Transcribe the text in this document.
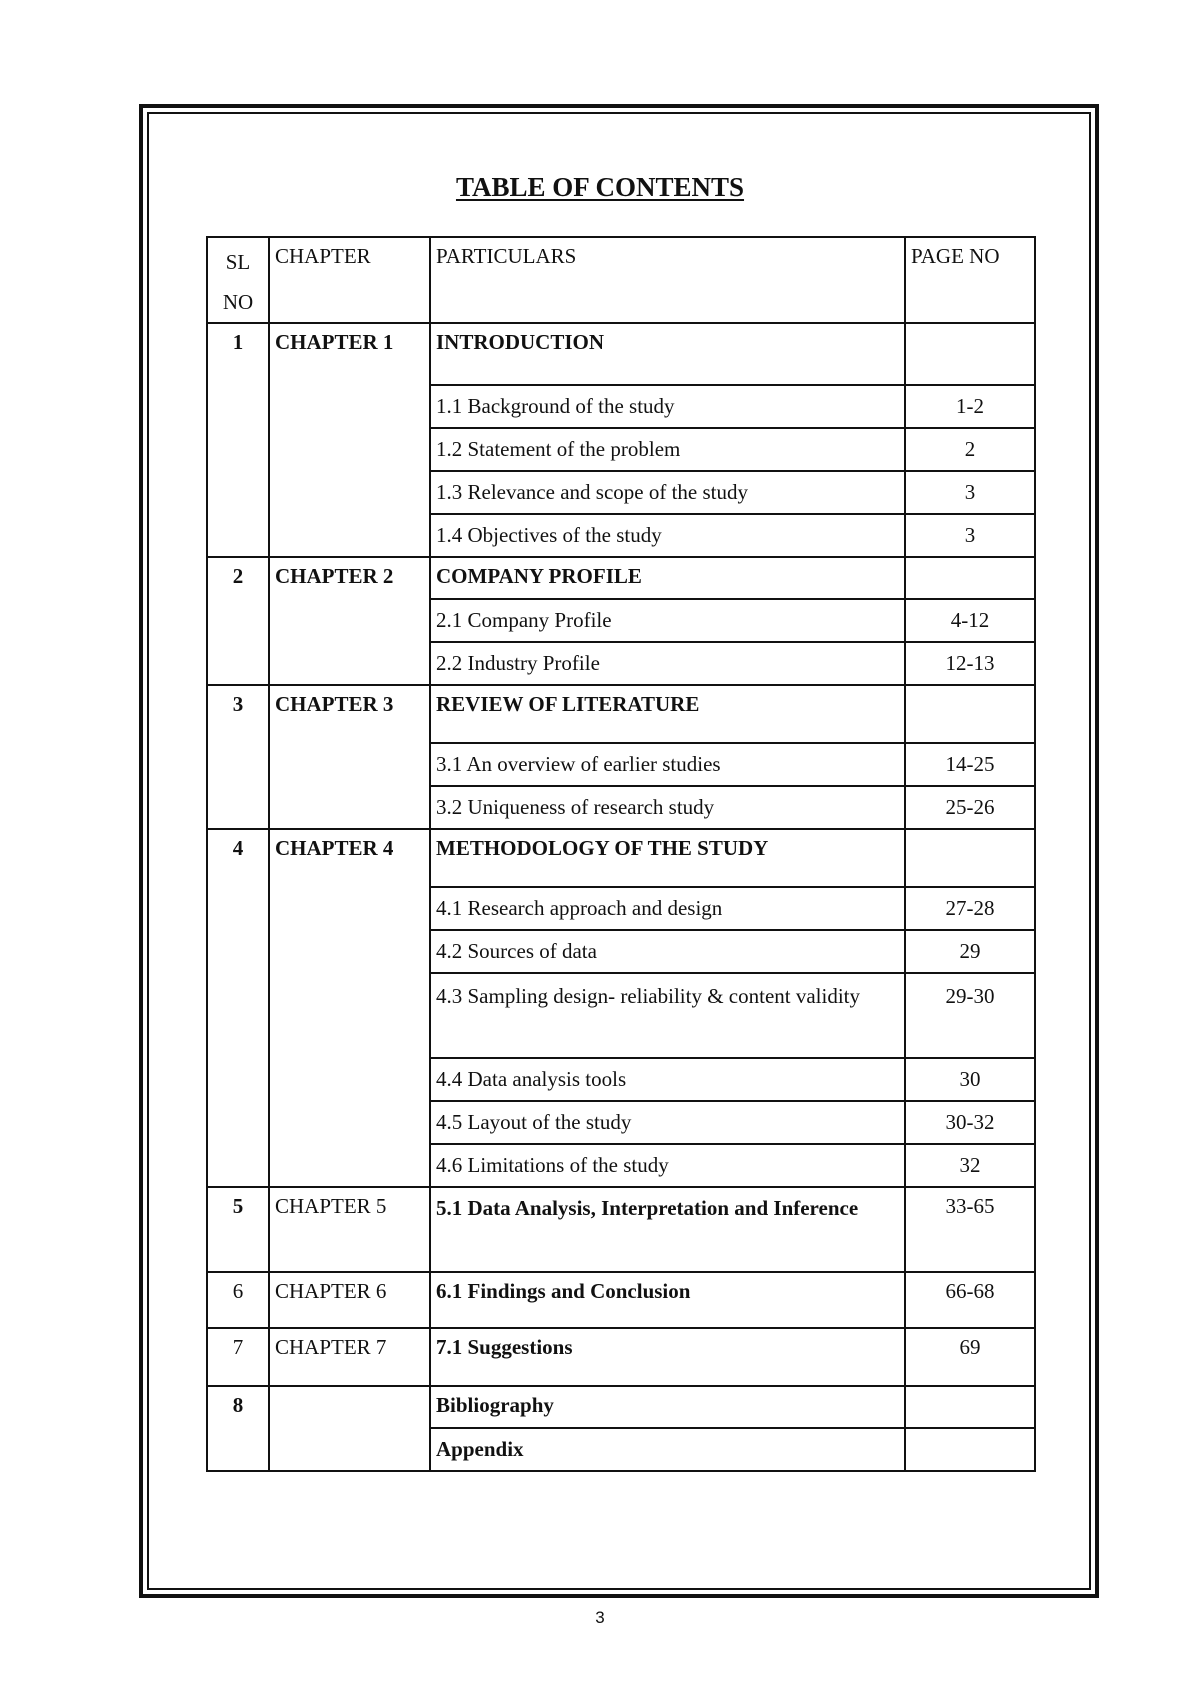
TABLE OF CONTENTS
SL NO	CHAPTER	PARTICULARS	PAGE NO
1	CHAPTER 1	INTRODUCTION	
		1.1 Background of the study	1-2
		1.2 Statement of the problem	2
		1.3 Relevance and scope of the study	3
		1.4 Objectives of the study	3
2	CHAPTER 2	COMPANY PROFILE	
		2.1 Company Profile	4-12
		2.2 Industry Profile	12-13
3	CHAPTER 3	REVIEW OF LITERATURE	
		3.1 An overview of earlier studies	14-25
		3.2 Uniqueness of research study	25-26
4	CHAPTER 4	METHODOLOGY OF THE STUDY	
		4.1 Research approach and design	27-28
		4.2 Sources of data	29
		4.3 Sampling design- reliability & content validity	29-30
		4.4 Data analysis tools	30
		4.5 Layout of the study	30-32
		4.6 Limitations of the study	32
5	CHAPTER 5	5.1 Data Analysis, Interpretation and Inference	33-65
6	CHAPTER 6	6.1 Findings and Conclusion	66-68
7	CHAPTER 7	7.1 Suggestions	69
8		Bibliography	
		Appendix	

3
